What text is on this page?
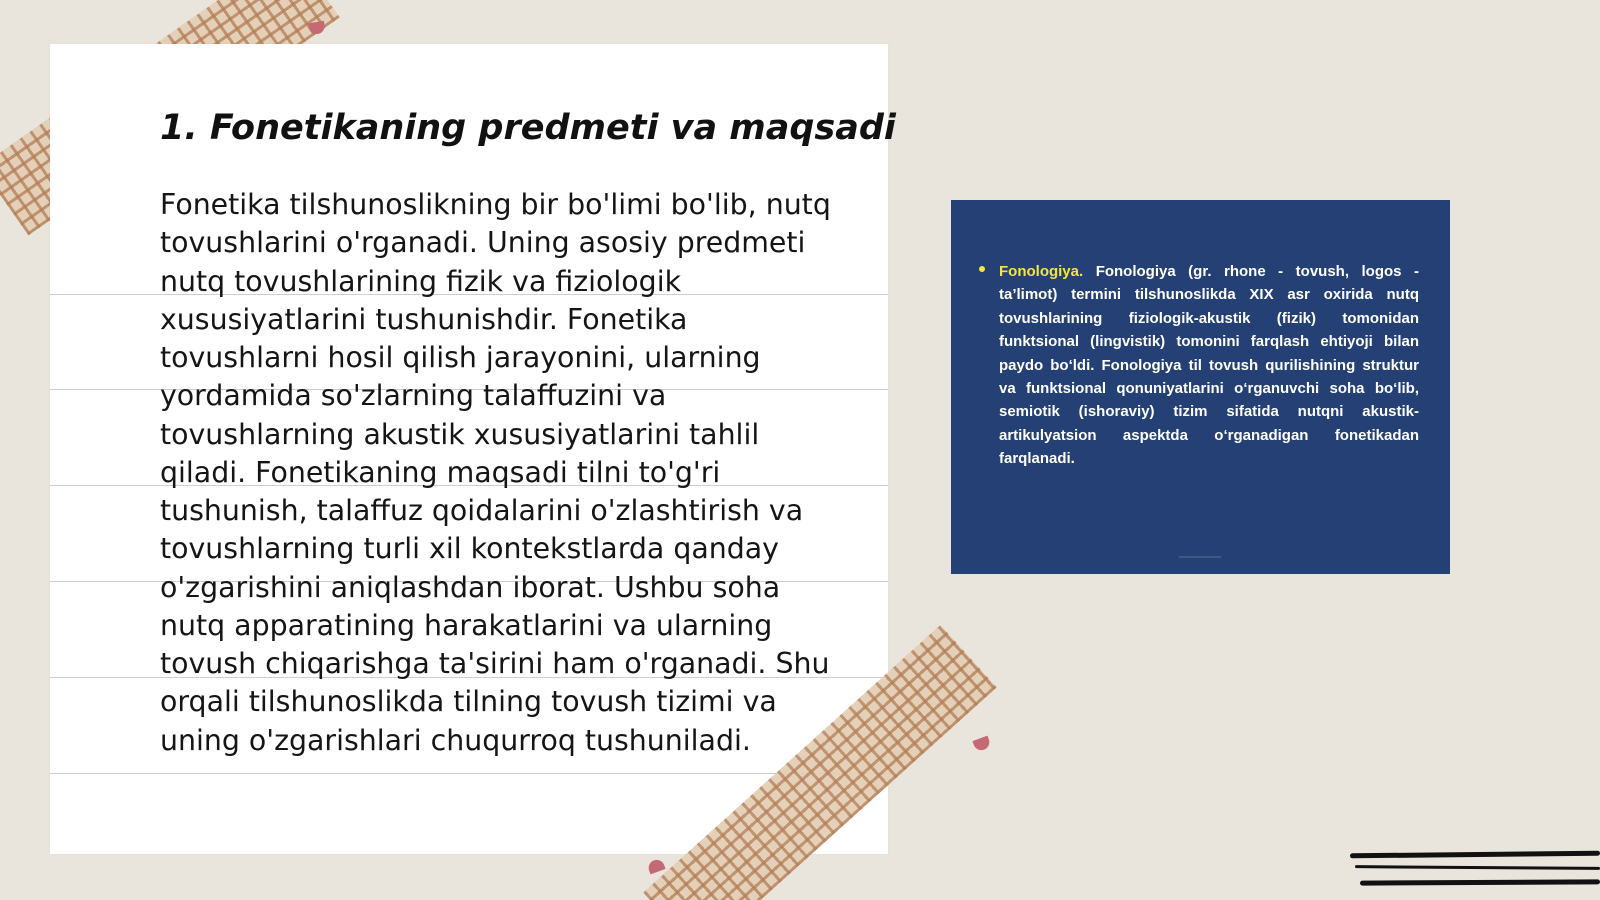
1. Fonetikaning predmeti va maqsadi

Fonetika tilshunoslikning bir bo'limi bo'lib, nutq tovushlarini o'rganadi. Uning asosiy predmeti nutq tovushlarining fizik va fiziologik xususiyatlarini tushunishdir. Fonetika tovushlarni hosil qilish jarayonini, ularning yordamida so'zlarning talaffuzini va tovushlarning akustik xususiyatlarini tahlil qiladi. Fonetikaning maqsadi tilni to'g'ri tushunish, talaffuz qoidalarini o'zlashtirish va tovushlarning turli xil kontekstlarda qanday o'zgarishini aniqlashdan iborat. Ushbu soha nutq apparatining harakatlarini va ularning tovush chiqarishga ta'sirini ham o'rganadi. Shu orqali tilshunoslikda tilning tovush tizimi va uning o'zgarishlari chuqurroq tushuniladi.

Fonologiya. Fonologiya (gr. rhone - tovush, logos - ta’limot) termini tilshunoslikda XIX asr oxirida nutq tovushlarining fiziologik-akustik (fizik) tomonidan funktsional (lingvistik) tomonini farqlash ehtiyoji bilan paydo bo‘ldi. Fonologiya til tovush qurilishining struktur va funktsional qonuniyatlarini o‘rganuvchi soha bo‘lib, semiotik (ishoraviy) tizim sifatida nutqni akustik-artikulyatsion aspektda o‘rganadigan fonetikadan farqlanadi.
